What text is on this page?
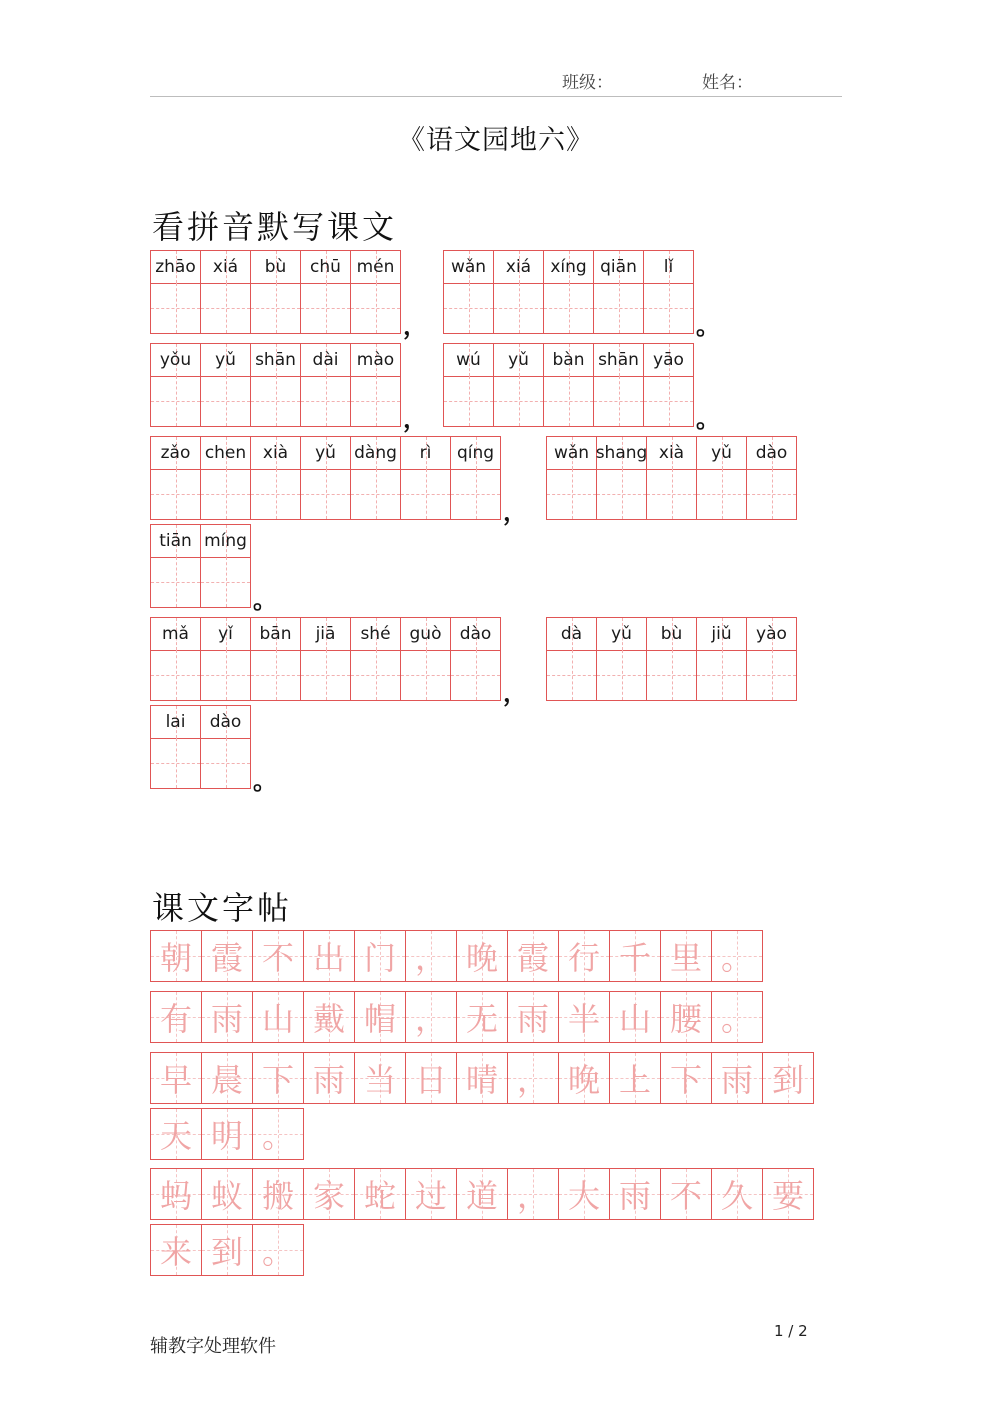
班级：	姓名：
《语文园地六》
看拼音默写课文
zhāo xiá bù chū mén
，
wǎn xiá xíng qiān lǐ
。
yǒu yǔ shān dài mào
，
wú yǔ bàn shān yāo
。
zǎo chen xià yǔ dàng rì qíng
，
wǎn shang xià yǔ dào
tiān míng
。
mǎ yǐ bān jiā shé guò dào
，
dà yǔ bù jiǔ yào
lai dào
。
课文字帖
朝 霞 不 出 门 ， 晚 霞 行 千 里 。
有 雨 山 戴 帽 ， 无 雨 半 山 腰 。
早 晨 下 雨 当 日 晴 ， 晚 上 下 雨 到
天 明 。
蚂 蚁 搬 家 蛇 过 道 ， 大 雨 不 久 要
来 到 。
辅教字处理软件
1 / 2
